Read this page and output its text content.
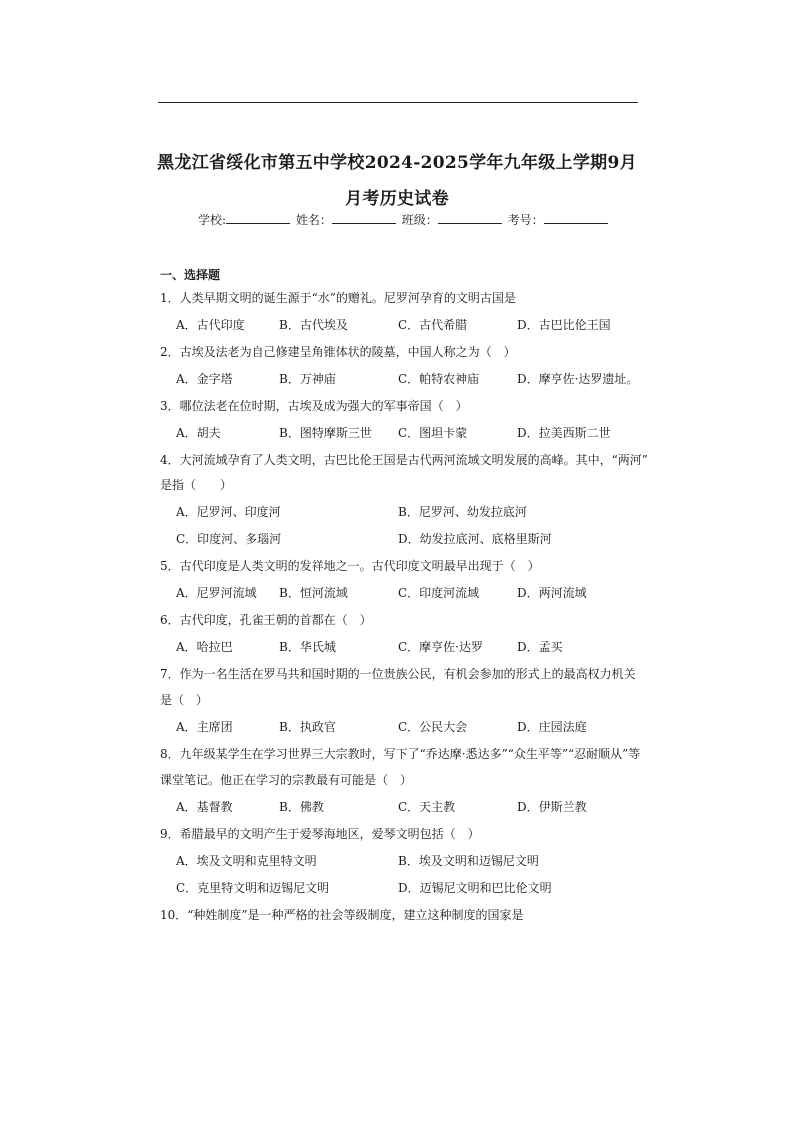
黑龙江省绥化市第五中学校2024-2025学年九年级上学期9月
月考历史试卷
学校:	姓名：	班级：	考号：
一、选择题
1．人类早期文明的诞生源于“水”的赠礼。尼罗河孕育的文明古国是
A．古代印度	B．古代埃及	C．古代希腊	D．古巴比伦王国
2．古埃及法老为自己修建呈角锥体状的陵墓，中国人称之为（　）
A．金字塔	B．万神庙	C．帕特农神庙	D．摩亨佐·达罗遗址。
3．哪位法老在位时期，古埃及成为强大的军事帝国（　）
A．胡夫	B．图特摩斯三世 C．图坦卡蒙	D．拉美西斯二世
4．大河流域孕育了人类文明，古巴比伦王国是古代两河流域文明发展的高峰。其中，“两河”
是指（　　）
A．尼罗河、印度河	B．尼罗河、幼发拉底河
C．印度河、多瑙河	D．幼发拉底河、底格里斯河
5．古代印度是人类文明的发祥地之一。古代印度文明最早出现于（　）
A．尼罗河流域 B．恒河流域	C．印度河流域	D．两河流域
6．古代印度，孔雀王朝的首都在（　）
A．哈拉巴	B．华氏城	C．摩亨佐·达罗	D．孟买
7．作为一名生活在罗马共和国时期的一位贵族公民，有机会参加的形式上的最高权力机关
是（　）
A．主席团	B．执政官	C．公民大会	D．庄园法庭
8．九年级某学生在学习世界三大宗教时，写下了“乔达摩·悉达多”“众生平等”“忍耐顺从”等
课堂笔记。他正在学习的宗教最有可能是（　）
A．基督教	B．佛教	C．天主教	D．伊斯兰教
9．希腊最早的文明产生于爱琴海地区，爱琴文明包括（　）
A．埃及文明和克里特文明	B．埃及文明和迈锡尼文明
C．克里特文明和迈锡尼文明	D．迈锡尼文明和巴比伦文明
10．“种姓制度”是一种严格的社会等级制度，建立这种制度的国家是
